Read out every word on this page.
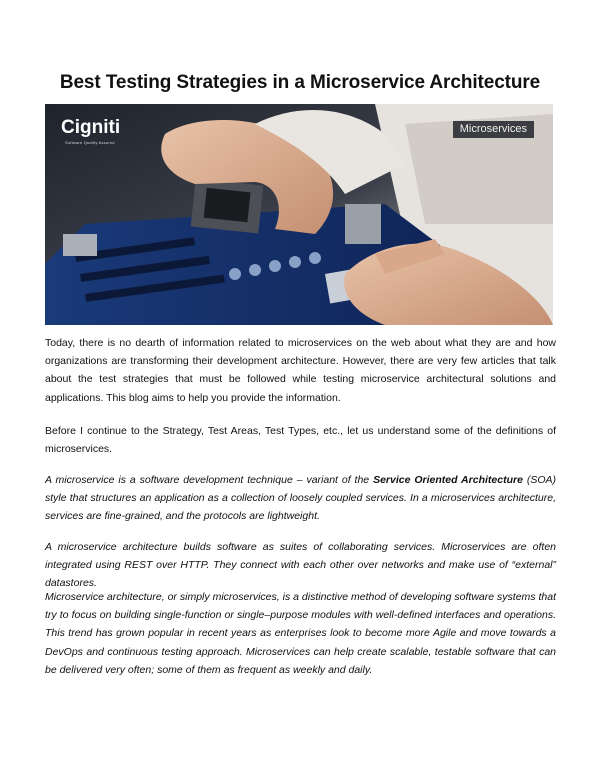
Best Testing Strategies in a Microservice Architecture
Cigniti
Software Quality Assured
Microservices

Today, there is no dearth of information related to microservices on the web about what they are and how organizations are transforming their development architecture. However, there are very few articles that talk about the test strategies that must be followed while testing microservice architectural solutions and applications. This blog aims to help you provide the information.

Before I continue to the Strategy, Test Areas, Test Types, etc., let us understand some of the definitions of microservices.

A microservice is a software development technique – variant of the Service Oriented Architecture (SOA) style that structures an application as a collection of loosely coupled services. In a microservices architecture, services are fine-grained, and the protocols are lightweight.

A microservice architecture builds software as suites of collaborating services. Microservices are often integrated using REST over HTTP. They connect with each other over networks and make use of “external” datastores.

Microservice architecture, or simply microservices, is a distinctive method of developing software systems that try to focus on building single-function or single–purpose modules with well-defined interfaces and operations. This trend has grown popular in recent years as enterprises look to become more Agile and move towards a DevOps and continuous testing approach. Microservices can help create scalable, testable software that can be delivered very often; some of them as frequent as weekly and daily.
